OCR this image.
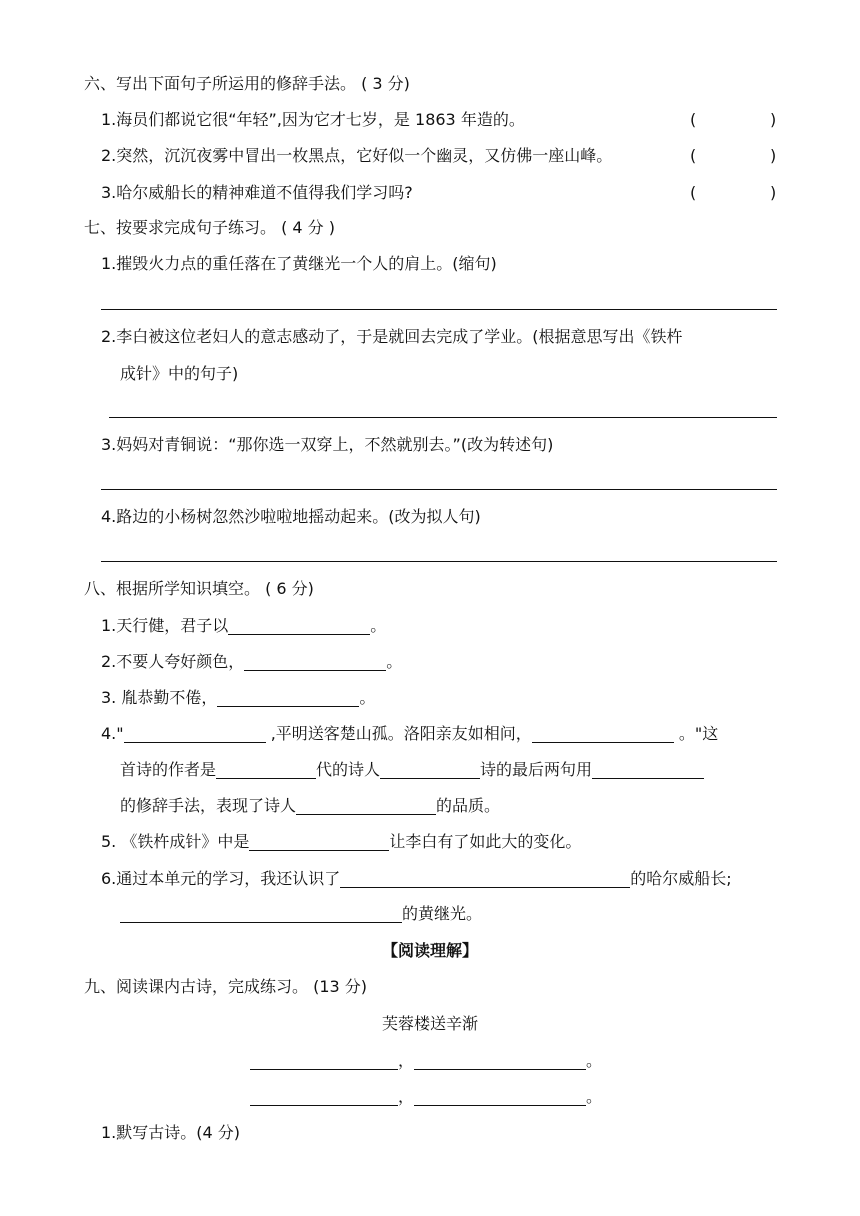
六、写出下面句子所运用的修辞手法。 ( 3 分)
1.海员们都说它很“年轻”,因为它才七岁，是 1863 年造的。	(	)
2.突然，沉沉夜雾中冒出一枚黑点，它好似一个幽灵，又仿佛一座山峰。	(	)
3.哈尔威船长的精神难道不值得我们学习吗?	(	)
七、按要求完成句子练习。 ( 4 分 )
1.摧毁火力点的重任落在了黄继光一个人的肩上。(缩句)
2.李白被这位老妇人的意志感动了，于是就回去完成了学业。(根据意思写出《铁杵
成针》中的句子)
3.妈妈对青铜说：“那你选一双穿上，不然就别去。”(改为转述句)
4.路边的小杨树忽然沙啦啦地摇动起来。(改为拟人句)
八、根据所学知识填空。 ( 6 分)
1.天行健，君子以	。
2.不要人夸好颜色，	。
3. 胤恭勤不倦，	。
4."	,平明送客楚山孤。洛阳亲友如相问，	。"这
首诗的作者是	代的诗人	诗的最后两句用
的修辞手法，表现了诗人	的品质。
5. 《铁杵成针》中是	让李白有了如此大的变化。
6.通过本单元的学习，我还认识了	的哈尔威船长;
的黄继光。
【阅读理解】
九、阅读课内古诗，完成练习。 (13 分)
芙蓉楼送辛渐
，	。
，	。
1.默写古诗。(4 分)
